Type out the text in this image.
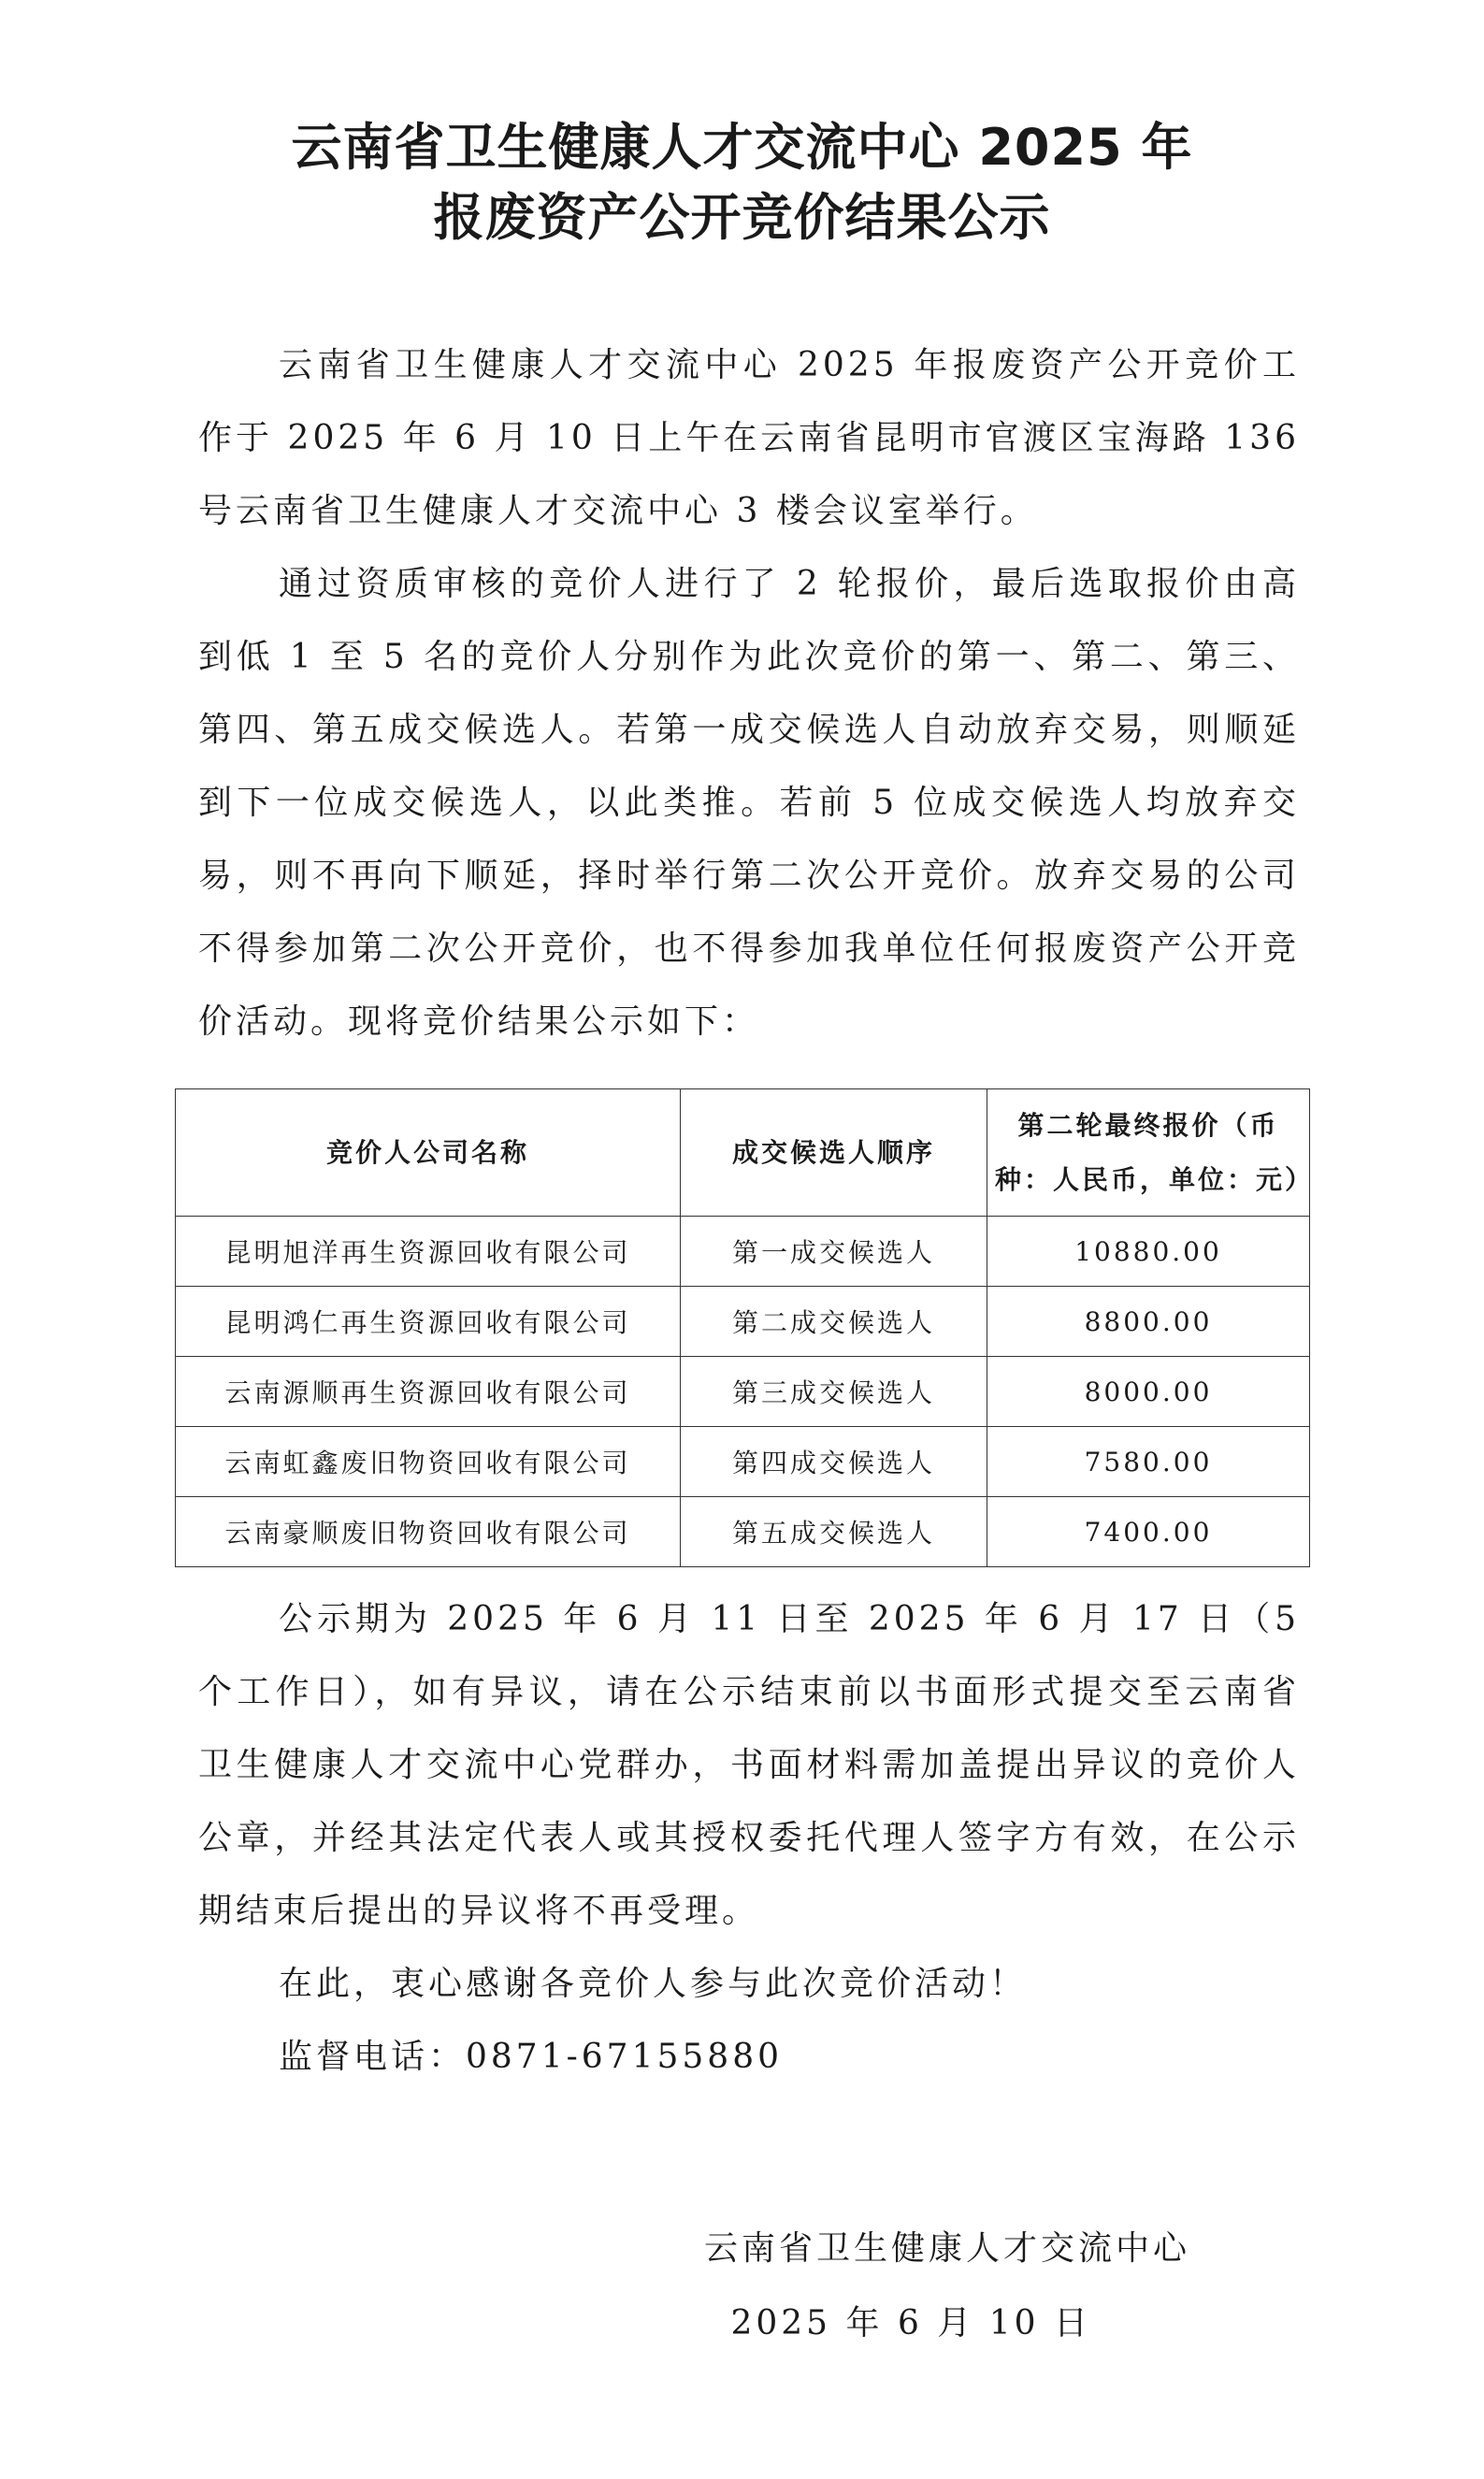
云南省卫生健康人才交流中心 2025 年
报废资产公开竞价结果公示

云南省卫生健康人才交流中心 2025 年报废资产公开竞价工作于 2025 年 6 月 10 日上午在云南省昆明市官渡区宝海路 136 号云南省卫生健康人才交流中心 3 楼会议室举行。

通过资质审核的竞价人进行了 2 轮报价，最后选取报价由高到低 1 至 5 名的竞价人分别作为此次竞价的第一、第二、第三、第四、第五成交候选人。若第一成交候选人自动放弃交易，则顺延到下一位成交候选人，以此类推。若前 5 位成交候选人均放弃交易，则不再向下顺延，择时举行第二次公开竞价。放弃交易的公司不得参加第二次公开竞价，也不得参加我单位任何报废资产公开竞价活动。现将竞价结果公示如下：

竞价人公司名称	成交候选人顺序	第二轮最终报价（币种：人民币，单位：元）
昆明旭洋再生资源回收有限公司	第一成交候选人	10880.00
昆明鸿仁再生资源回收有限公司	第二成交候选人	8800.00
云南源顺再生资源回收有限公司	第三成交候选人	8000.00
云南虹鑫废旧物资回收有限公司	第四成交候选人	7580.00
云南豪顺废旧物资回收有限公司	第五成交候选人	7400.00

公示期为 2025 年 6 月 11 日至 2025 年 6 月 17 日（5 个工作日），如有异议，请在公示结束前以书面形式提交至云南省卫生健康人才交流中心党群办，书面材料需加盖提出异议的竞价人公章，并经其法定代表人或其授权委托代理人签字方有效，在公示期结束后提出的异议将不再受理。

在此，衷心感谢各竞价人参与此次竞价活动！

监督电话：0871-67155880

云南省卫生健康人才交流中心

2025 年 6 月 10 日
